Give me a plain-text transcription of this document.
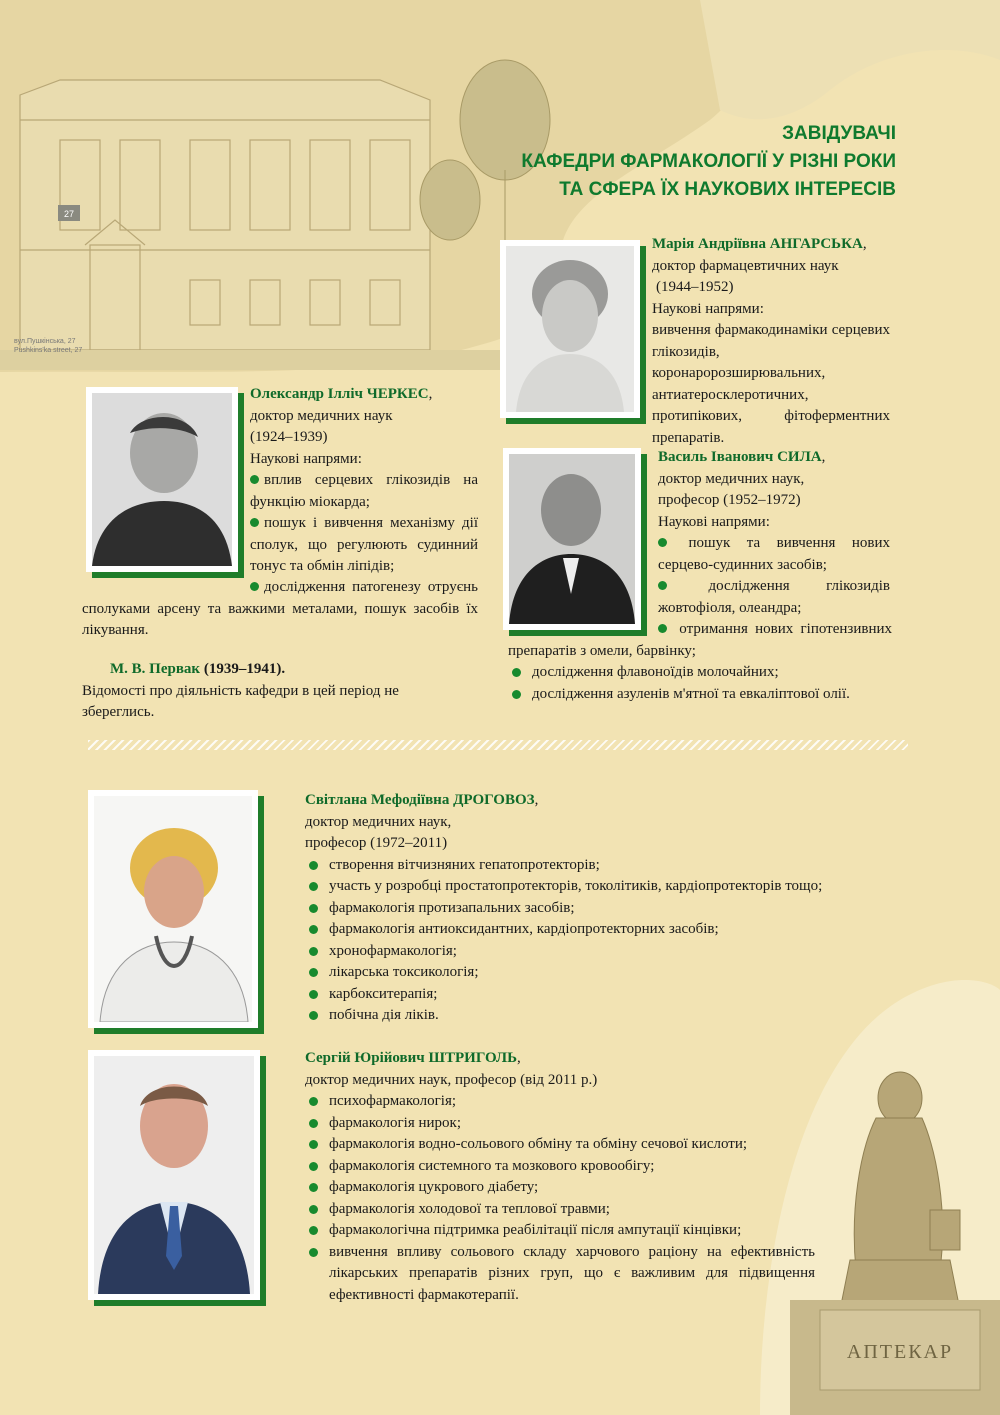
27
вул.Пушкінська, 27
Pushkins'ka street, 27
ЗАВІДУВАЧІ
КАФЕДРИ ФАРМАКОЛОГІЇ У РІЗНІ РОКИ
ТА СФЕРА ЇХ НАУКОВИХ ІНТЕРЕСІВ

Марія Андріївна АНГАРСЬКА,

доктор фармацевтичних наук

(1944–1952)

Наукові напрями:

вивчення фармакодинаміки серцевих глікозидів, коронаророзширювальних, антиатеросклеротичних, протипікових, фітоферментних препаратів.

Олександр Ілліч ЧЕРКЕС,

доктор медичних наук

(1924–1939)

Наукові напрями:

вплив серцевих глікозидів на функцію міокарда;

пошук і вивчення механізму дії сполук, що регулюють судинний тонус та обмін ліпідів;

дослідження патогенезу отруєнь сполуками арсену та важкими металами, пошук засобів їх лікування.

М. В. Первак (1939–1941).

Відомості про діяльність кафедри в цей період не збереглись.

Василь Іванович СИЛА,

доктор медичних наук,

професор (1952–1972)

Наукові напрями:

пошук та вивчення нових серцево-судинних засобів;

дослідження глікозидів жовтофіоля, олеандра;

отримання нових гіпотензивних препаратів з омели, барвінку;

дослідження флавоноїдів молочайних;
дослідження азуленів м'ятної та евкаліптової олії.

Світлана Мефодіївна ДРОГОВОЗ,

доктор медичних наук,

професор (1972–2011)

створення вітчизняних гепатопротекторів;
участь у розробці простатопротекторів, токолітиків, кардіопротекторів тощо;
фармакологія протизапальних засобів;
фармакологія антиоксидантних, кардіопротекторних засобів;
хронофармакологія;
лікарська токсикологія;
карбокситерапія;
побічна дія ліків.

Сергій Юрійович ШТРИГОЛЬ,

доктор медичних наук, професор (від 2011 р.)

психофармакологія;
фармакологія нирок;
фармакологія водно-сольового обміну та обміну сечової кислоти;
фармакологія системного та мозкового кровообігу;
фармакологія цукрового діабету;
фармакологія холодової та теплової травми;
фармакологічна підтримка реабілітації після ампутації кінцівки;
вивчення впливу сольового складу харчового раціону на ефективність лікарських препаратів різних груп, що є важливим для підвищення ефективності фармакотерапії.
АПТЕКАР
